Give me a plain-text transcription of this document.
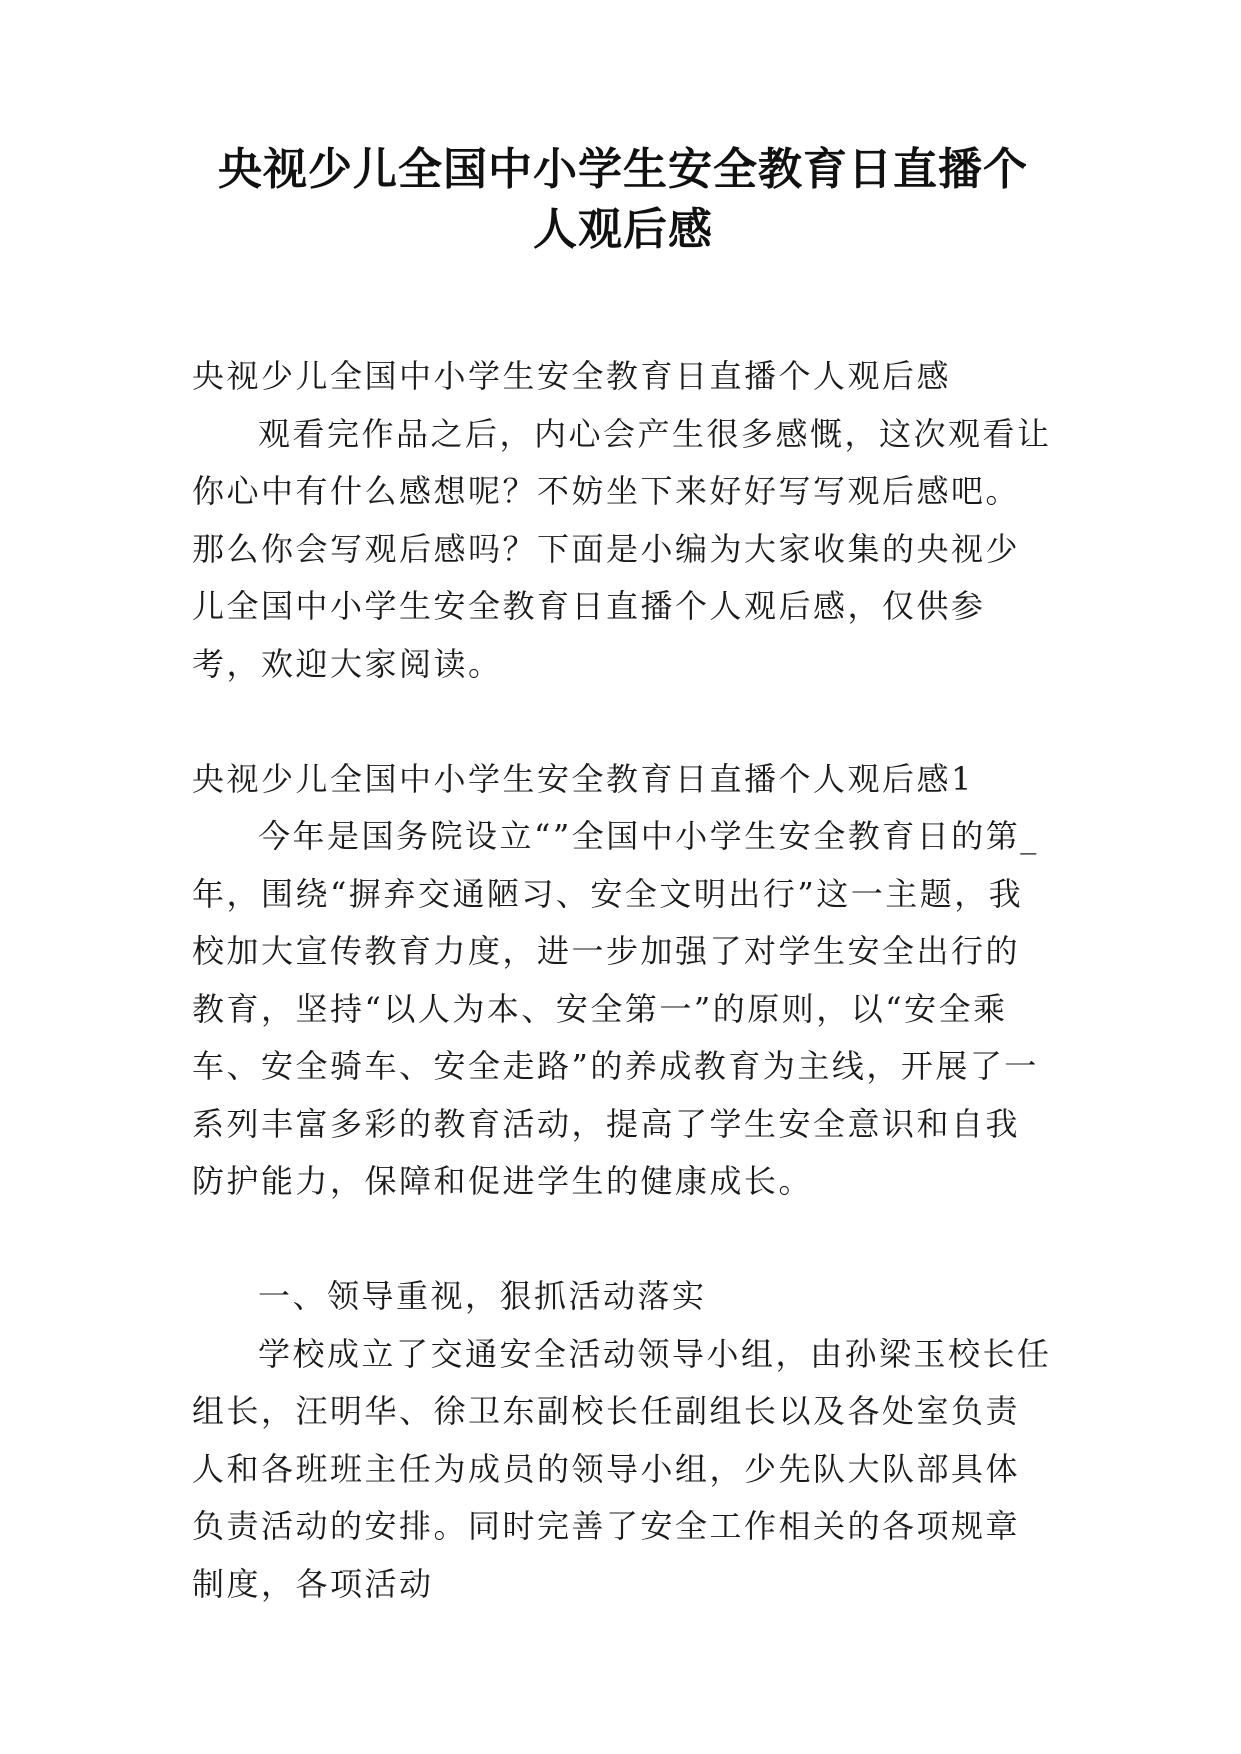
央视少儿全国中小学生安全教育日直播个
人观后感

央视少儿全国中小学生安全教育日直播个人观后感

观看完作品之后，内心会产生很多感慨，这次观看让你心中有什么感想呢？不妨坐下来好好写写观后感吧。那么你会写观后感吗？下面是小编为大家收集的央视少儿全国中小学生安全教育日直播个人观后感，仅供参考，欢迎大家阅读。

央视少儿全国中小学生安全教育日直播个人观后感1

今年是国务院设立“”全国中小学生安全教育日的第_年，围绕“摒弃交通陋习、安全文明出行”这一主题，我校加大宣传教育力度，进一步加强了对学生安全出行的教育，坚持“以人为本、安全第一”的原则，以“安全乘车、安全骑车、安全走路”的养成教育为主线，开展了一系列丰富多彩的教育活动，提高了学生安全意识和自我防护能力，保障和促进学生的健康成长。

一、领导重视，狠抓活动落实

学校成立了交通安全活动领导小组，由孙梁玉校长任组长，汪明华、徐卫东副校长任副组长以及各处室负责人和各班班主任为成员的领导小组，少先队大队部具体负责活动的安排。同时完善了安全工作相关的各项规章制度，各项活动
